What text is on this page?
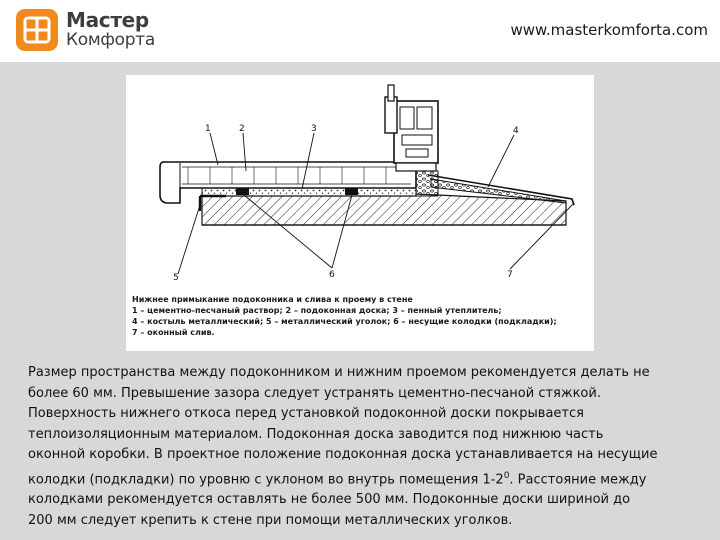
Мастер
Комфорта	www.masterkomforta.com
1	2	3	4
5	6	7
Нижнее примыкание подоконника и слива к проему в стене
1 – цементно-песчаный раствор; 2 – подоконная доска; 3 – пенный утеплитель;
4 – костыль металлический; 5 – металлический уголок; 6 – несущие колодки (подкладки);
7 – оконный слив.
Размер пространства между подоконником и нижним проемом рекомендуется делать не
более 60 мм. Превышение зазора следует устранять цементно-песчаной стяжкой.
Поверхность нижнего откоса перед установкой подоконной доски покрывается
теплоизоляционным материалом. Подоконная доска заводится под нижнюю часть
оконной коробки. В проектное положение подоконная доска устанавливается на несущие
колодки (подкладки) по уровню с уклоном во внутрь помещения $1-2^0$. Расстояние между
колодками рекомендуется оставлять не более 500 мм. Подоконные доски шириной до
200 мм следует крепить к стене при помощи металлических уголков.
